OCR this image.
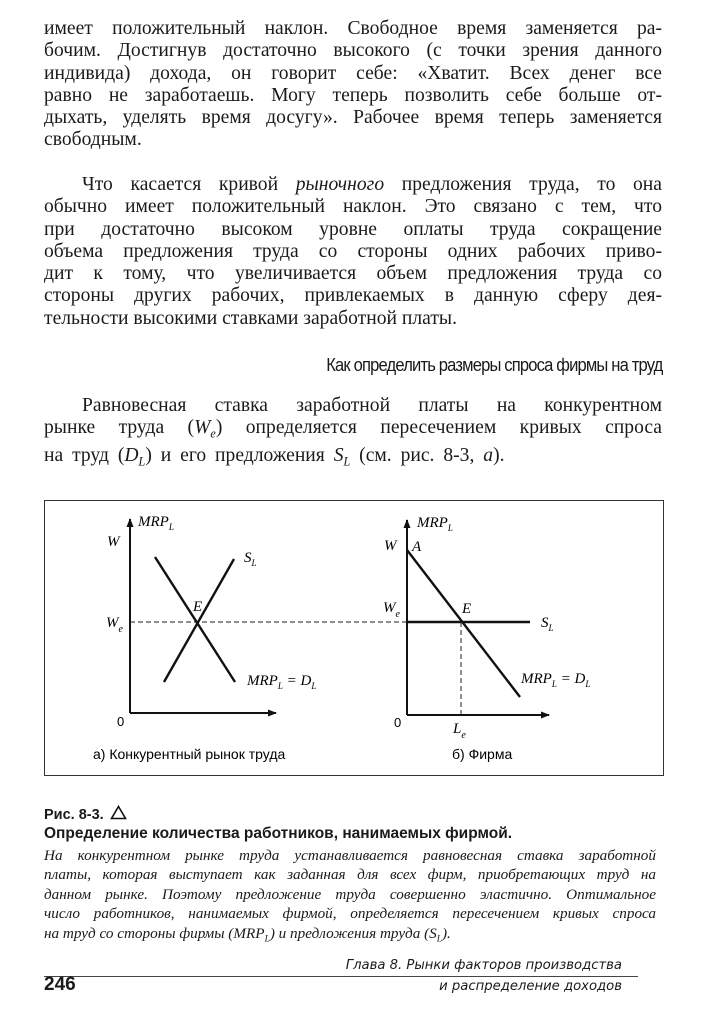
имеет положительный наклон. Свободное время заменяется ра-
бочим. Достигнув достаточно высокого (с точки зрения данного
индивида) дохода, он говорит себе: «Хватит. Всех денег все
равно не заработаешь. Могу теперь позволить себе больше от-
дыхать, уделять время досугу». Рабочее время теперь заменяется
свободным.
Что касается кривой рыночного предложения труда, то она
обычно имеет положительный наклон. Это связано с тем, что
при достаточно высоком уровне оплаты труда сокращение
объема предложения труда со стороны одних рабочих приво-
дит к тому, что увеличивается объем предложения труда со
стороны других рабочих, привлекаемых в данную сферу дея-
тельности высокими ставками заработной платы.
Как определить размеры спроса фирмы на труд
Равновесная ставка заработной платы на конкурентном
рынке труда $(W_e)$ определяется пересечением кривых спроса
на труд $(D_L)$ и его предложения $S_L$ (см. рис. 8-3, а).
$MRP_L$
W
$W_e$
0
$S_L$
E
$MRP_L = D_L$
а) Конкурентный рынок труда
$MRP_L$
W A
$W_e$
0
E
$S_L$
$L_e$
$MRP_L = D_L$
б) Фирма
Рис. 8-3.
Определение количества работников, нанимаемых фирмой.
На конкурентном рынке труда устанавливается равновесная ставка заработной
платы, которая выступает как заданная для всех фирм, приобретающих труд на
данном рынке. Поэтому предложение труда совершенно эластично. Оптимальное
число работников, нанимаемых фирмой, определяется пересечением кривых спроса
на труд со стороны фирмы $(MRP_L)$ и предложения труда $(S_L)$.
Глава 8. Рынки факторов производства
246	и распределение доходов
